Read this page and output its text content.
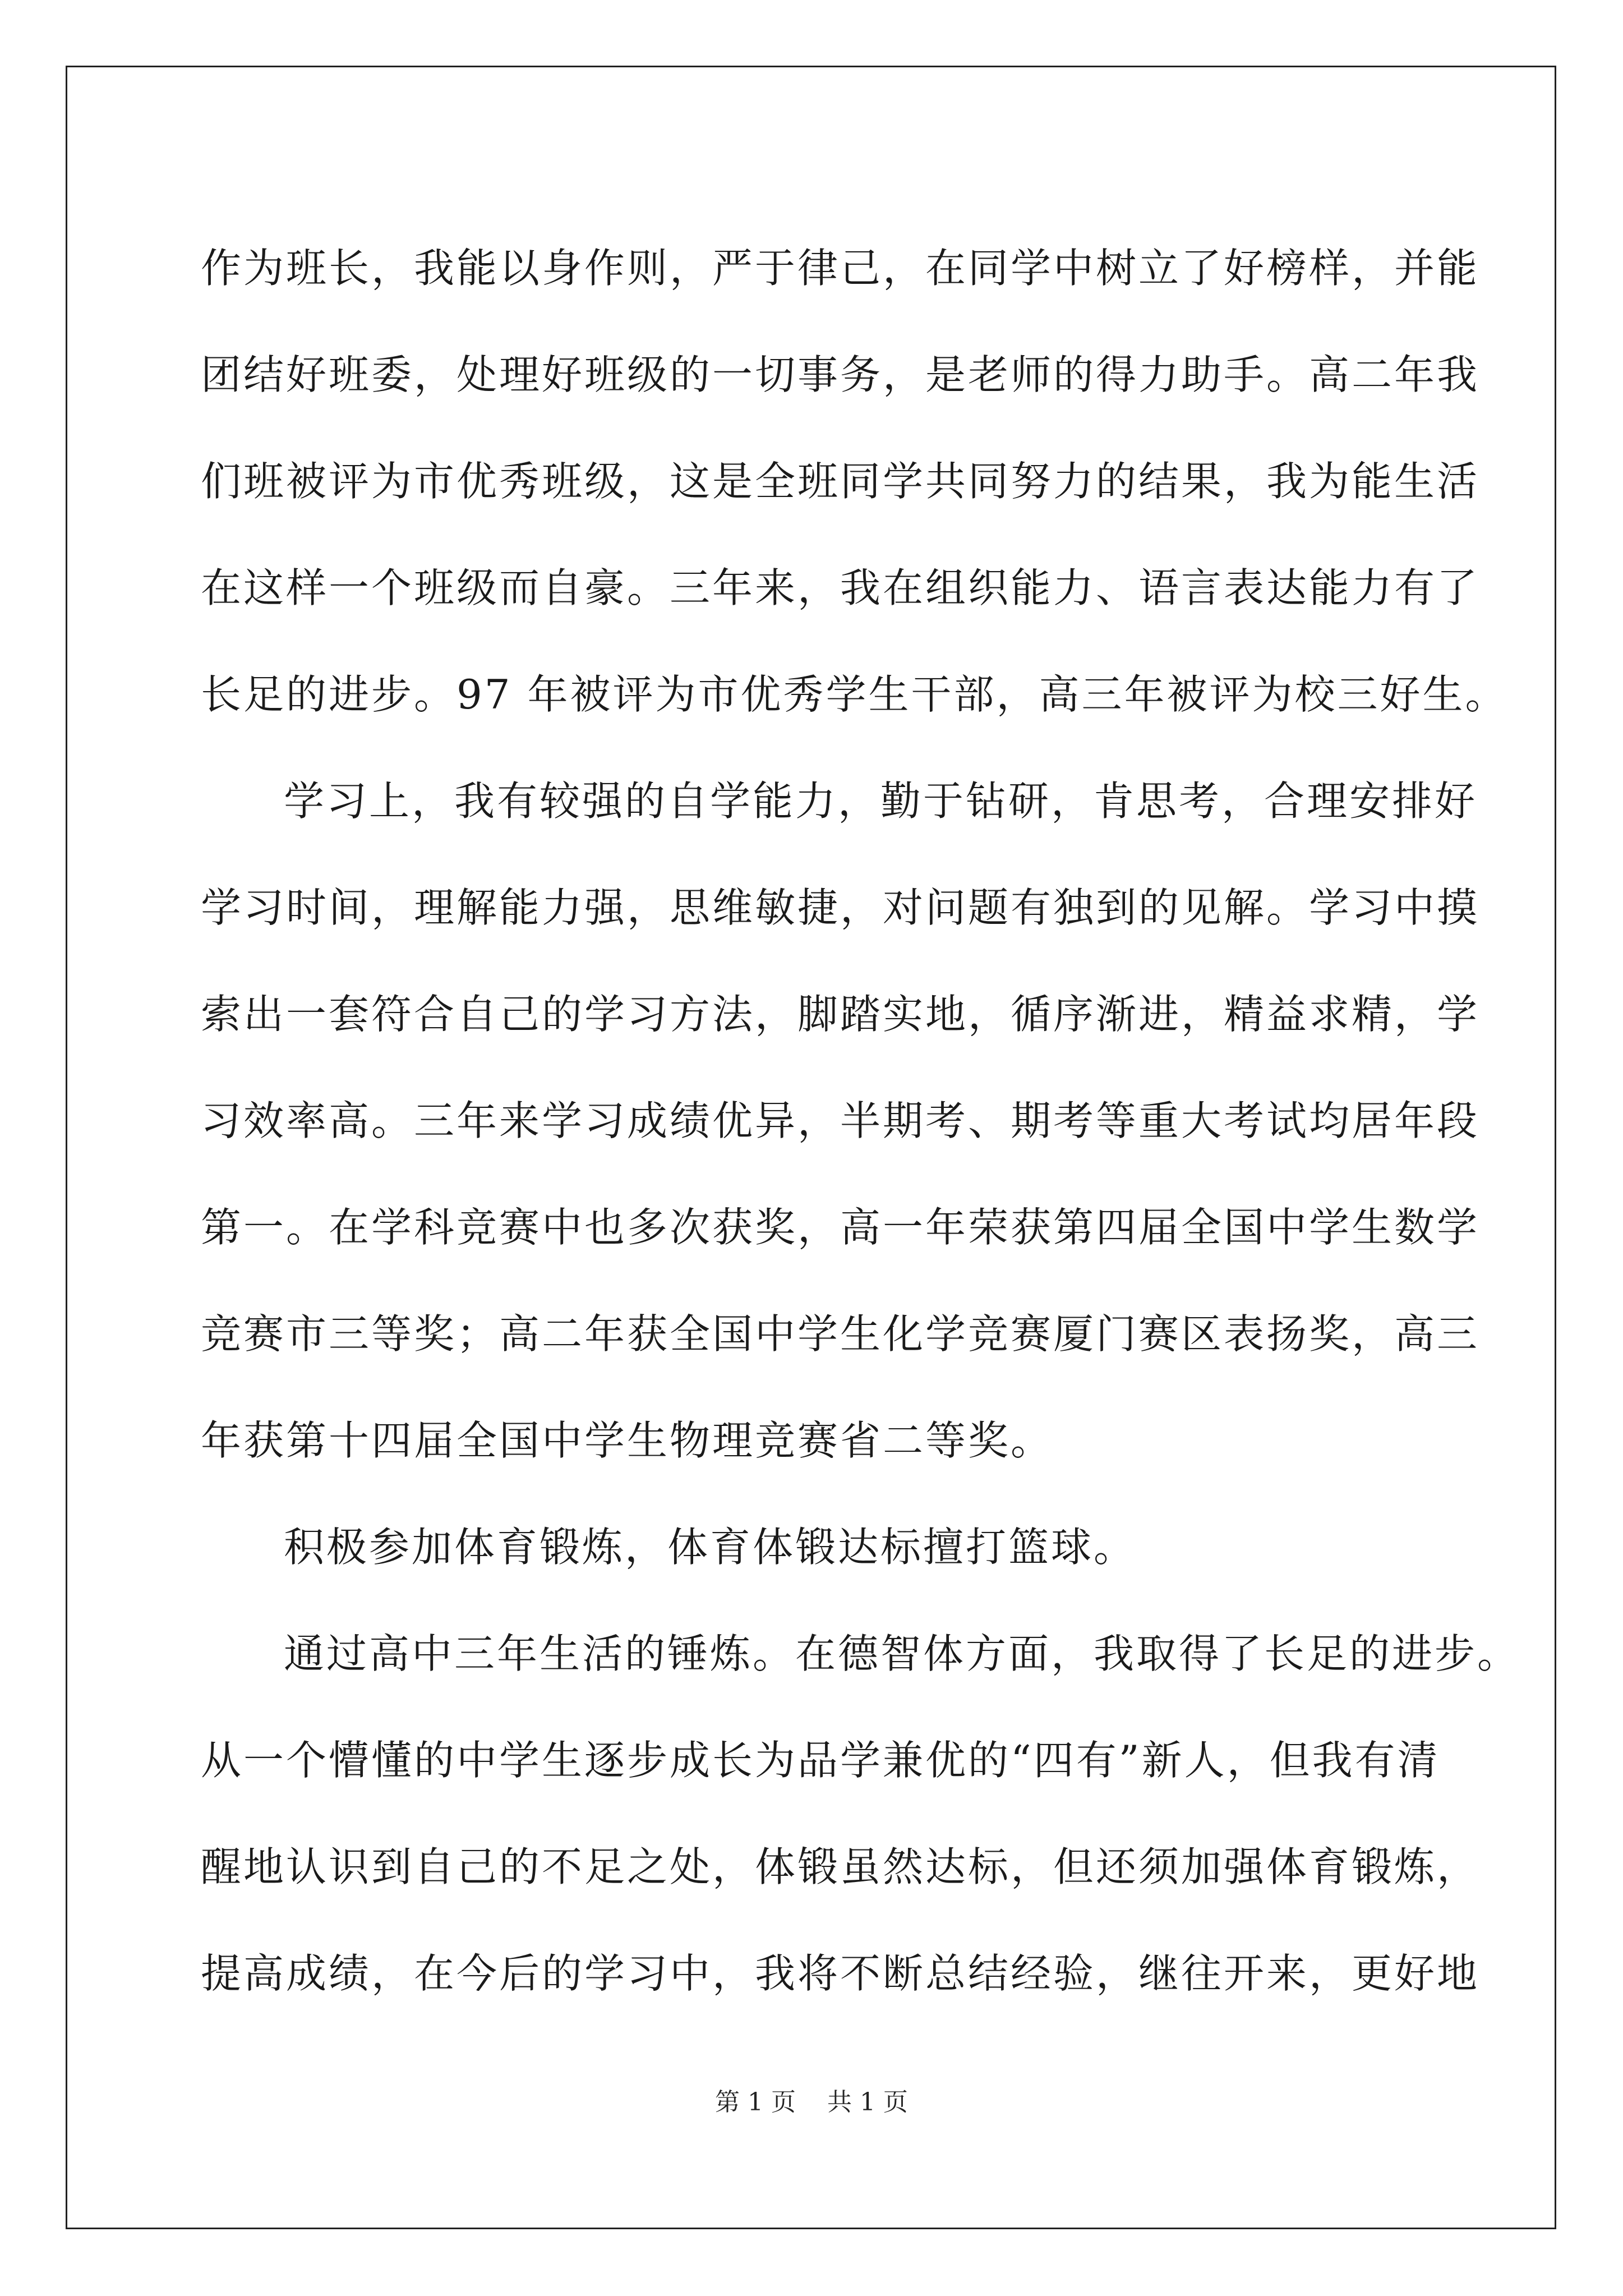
作为班长，我能以身作则，严于律己，在同学中树立了好榜样，并能
团结好班委，处理好班级的一切事务，是老师的得力助手。高二年我
们班被评为市优秀班级，这是全班同学共同努力的结果，我为能生活
在这样一个班级而自豪。三年来，我在组织能力、语言表达能力有了
长足的进步。97 年被评为市优秀学生干部，高三年被评为校三好生。
学习上，我有较强的自学能力，勤于钻研，肯思考，合理安排好
学习时间，理解能力强，思维敏捷，对问题有独到的见解。学习中摸
索出一套符合自己的学习方法，脚踏实地，循序渐进，精益求精，学
习效率高。三年来学习成绩优异，半期考、期考等重大考试均居年段
第一。在学科竞赛中也多次获奖，高一年荣获第四届全国中学生数学
竞赛市三等奖；高二年获全国中学生化学竞赛厦门赛区表扬奖，高三
年获第十四届全国中学生物理竞赛省二等奖。
积极参加体育锻炼，体育体锻达标擅打篮球。
通过高中三年生活的锤炼。在德智体方面，我取得了长足的进步。
从一个懵懂的中学生逐步成长为品学兼优的“四有”新人，但我有清
醒地认识到自己的不足之处，体锻虽然达标，但还须加强体育锻炼，
提高成绩，在今后的学习中，我将不断总结经验，继往开来，更好地
第 1 页 共 1 页
